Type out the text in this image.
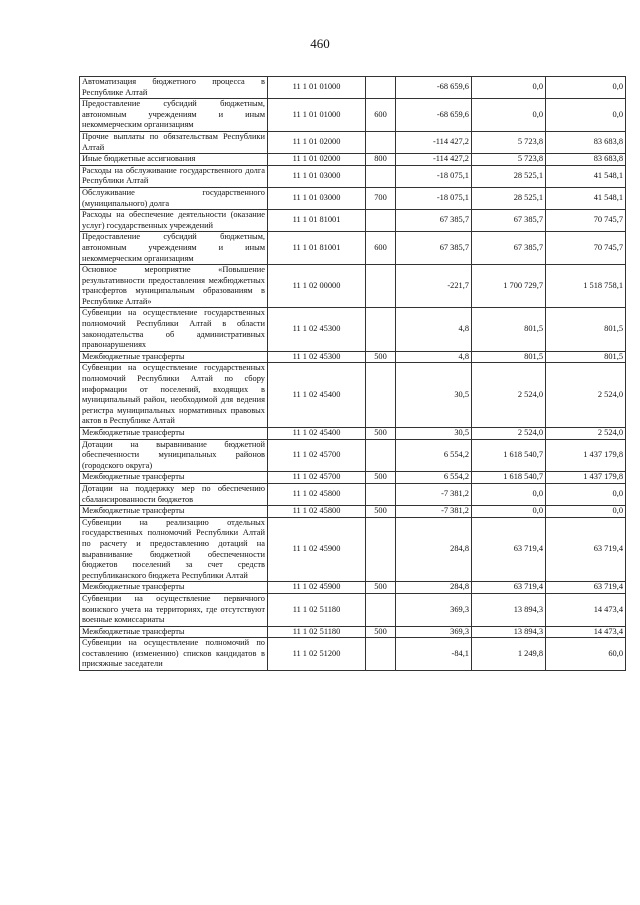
460
Автоматизация бюджетного процесса в Республике Алтай	11 1 01 01000		-68 659,6	0,0	0,0
Предоставление субсидий бюджетным, автономным учреждениям и иным некоммерческим организациям	11 1 01 01000	600	-68 659,6	0,0	0,0
Прочие выплаты по обязательствам Республики Алтай	11 1 01 02000		-114 427,2	5 723,8	83 683,8
Иные бюджетные ассигнования	11 1 01 02000	800	-114 427,2	5 723,8	83 683,8
Расходы на обслуживание государственного долга Республики Алтай	11 1 01 03000		-18 075,1	28 525,1	41 548,1
Обслуживание государственного (муниципального) долга	11 1 01 03000	700	-18 075,1	28 525,1	41 548,1
Расходы на обеспечение деятельности (оказание услуг) государственных учреждений	11 1 01 81001		67 385,7	67 385,7	70 745,7
Предоставление субсидий бюджетным, автономным учреждениям и иным некоммерческим организациям	11 1 01 81001	600	67 385,7	67 385,7	70 745,7
Основное мероприятие «Повышение результативности предоставления межбюджетных трансфертов муниципальным образованиям в Республике Алтай»	11 1 02 00000		-221,7	1 700 729,7	1 518 758,1
Субвенции на осуществление государственных полномочий Республики Алтай в области законодательства об административных правонарушениях	11 1 02 45300		4,8	801,5	801,5
Межбюджетные трансферты	11 1 02 45300	500	4,8	801,5	801,5
Субвенции на осуществление государственных полномочий Республики Алтай по сбору информации от поселений, входящих в муниципальный район, необходимой для ведения регистра муниципальных нормативных правовых актов в Республике Алтай	11 1 02 45400		30,5	2 524,0	2 524,0
Межбюджетные трансферты	11 1 02 45400	500	30,5	2 524,0	2 524,0
Дотации на выравнивание бюджетной обеспеченности муниципальных районов (городского округа)	11 1 02 45700		6 554,2	1 618 540,7	1 437 179,8
Межбюджетные трансферты	11 1 02 45700	500	6 554,2	1 618 540,7	1 437 179,8
Дотации на поддержку мер по обеспечению сбалансированности бюджетов	11 1 02 45800		-7 381,2	0,0	0,0
Межбюджетные трансферты	11 1 02 45800	500	-7 381,2	0,0	0,0
Субвенции на реализацию отдельных государственных полномочий Республики Алтай по расчету и предоставлению дотаций на выравнивание бюджетной обеспеченности бюджетов поселений за счет средств республиканского бюджета Республики Алтай	11 1 02 45900		284,8	63 719,4	63 719,4
Межбюджетные трансферты	11 1 02 45900	500	284,8	63 719,4	63 719,4
Субвенции на осуществление первичного воинского учета на территориях, где отсутствуют военные комиссариаты	11 1 02 51180		369,3	13 894,3	14 473,4
Межбюджетные трансферты	11 1 02 51180	500	369,3	13 894,3	14 473,4
Субвенции на осуществление полномочий по составлению (изменению) списков кандидатов в присяжные заседатели	11 1 02 51200		-84,1	1 249,8	60,0
